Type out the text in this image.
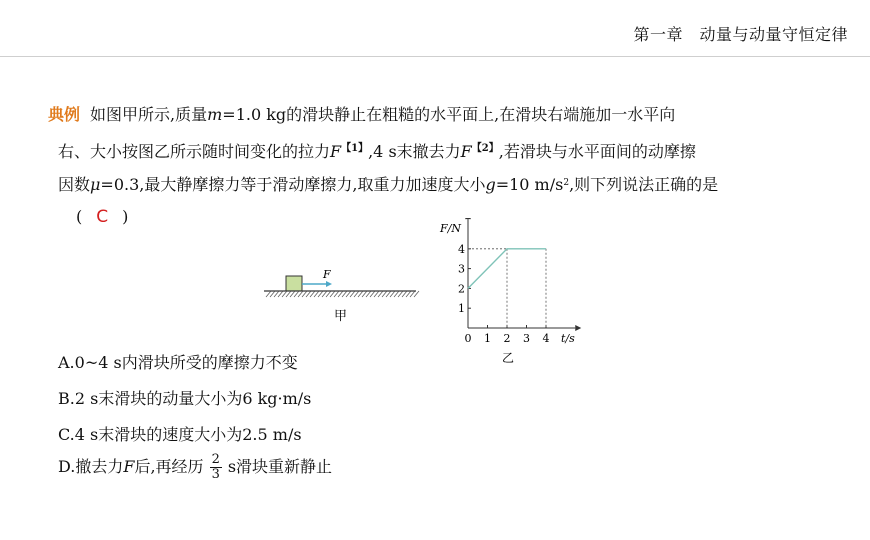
第一章　动量与动量守恒定律
典例 如图甲所示,质量m=1.0 kg的滑块静止在粗糙的水平面上,在滑块右端施加一水平向
右、大小按图乙所示随时间变化的拉力F$^{【1】}$,4 s末撤去力F$^{【2】}$,若滑块与水平面间的动摩擦
因数μ=0.3,最大静摩擦力等于滑动摩擦力,取重力加速度大小g=10 $m/s^2$,则下列说法正确的是
( C )
F
甲
F/N
t/s
乙
0 1 2 3 4
1
2
3
4
A.0~4 s内滑块所受的摩擦力不变
B.2 s末滑块的动量大小为6 kg·m/s
C.4 s末滑块的速度大小为2.5 m/s
D.撤去力F后,再经历 $\frac{2}{3}$ s滑块重新静止
